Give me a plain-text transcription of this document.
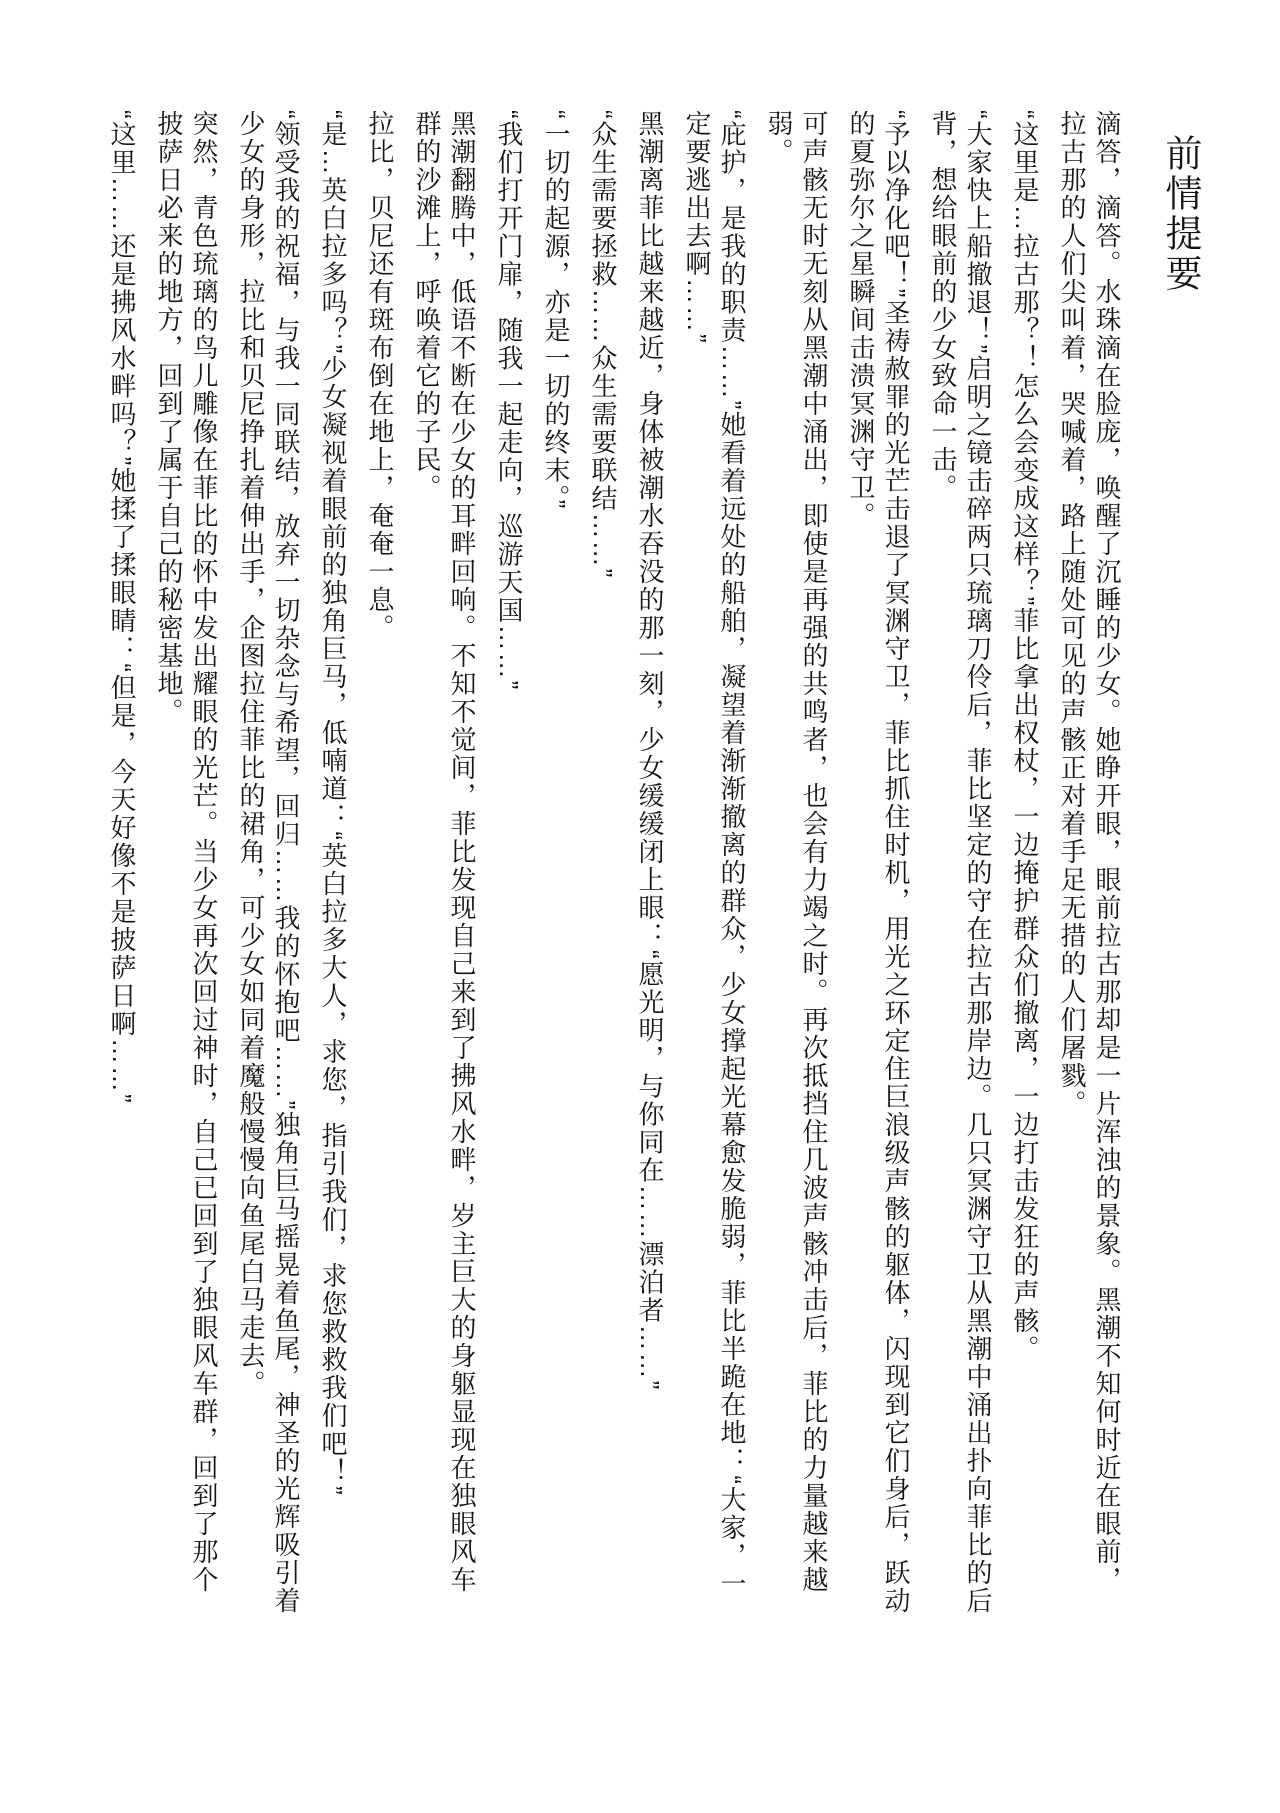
前情提要

滴答，滴答。水珠滴在脸庞，唤醒了沉睡的少女。她睁开眼，眼前拉古那却是一片浑浊的景象。黑潮不知何时近在眼前，拉古那的人们尖叫着，哭喊着，路上随处可见的声骸正对着手足无措的人们屠戮。

“这里是…拉古那？！怎么会变成这样？”菲比拿出权杖，一边掩护群众们撤离，一边打击发狂的声骸。

“大家快上船撤退！”启明之镜击碎两只琉璃刀伶后，菲比坚定的守在拉古那岸边。几只冥渊守卫从黑潮中涌出扑向菲比的后背，想给眼前的少女致命一击。

“予以净化吧！”圣祷赦罪的光芒击退了冥渊守卫，菲比抓住时机，用光之环定住巨浪级声骸的躯体，闪现到它们身后，跃动的夏弥尔之星瞬间击溃冥渊守卫。

可声骸无时无刻从黑潮中涌出，即使是再强的共鸣者，也会有力竭之时。再次抵挡住几波声骸冲击后，菲比的力量越来越弱。

“庇护，是我的职责……”她看着远处的船舶，凝望着渐渐撤离的群众，少女撑起光幕愈发脆弱，菲比半跪在地：“大家，一定要逃出去啊……”

黑潮离菲比越来越近，身体被潮水吞没的那一刻，少女缓缓闭上眼：“愿光明，与你同在……漂泊者……”

“众生需要拯救……众生需要联结……”

“一切的起源，亦是一切的终末。”

“我们打开门扉，随我一起走向，巡游天国……”

黑潮翻腾中，低语不断在少女的耳畔回响。不知不觉间，菲比发现自己来到了拂风水畔，岁主巨大的身躯显现在独眼风车群的沙滩上，呼唤着它的子民。

拉比，贝尼还有斑布倒在地上，奄奄一息。

“是…英白拉多吗？”少女凝视着眼前的独角巨马，低喃道：“英白拉多大人，求您，指引我们，求您救救我们吧！”

“领受我的祝福，与我一同联结，放弃一切杂念与希望，回归……我的怀抱吧……”独角巨马摇晃着鱼尾，神圣的光辉吸引着少女的身形，拉比和贝尼挣扎着伸出手，企图拉住菲比的裙角，可少女如同着魔般慢慢向鱼尾白马走去。

突然，青色琉璃的鸟儿雕像在菲比的怀中发出耀眼的光芒。当少女再次回过神时，自己已回到了独眼风车群，回到了那个披萨日必来的地方，回到了属于自己的秘密基地。

“这里……还是拂风水畔吗？”她揉了揉眼睛：“但是，今天好像不是披萨日啊……”
